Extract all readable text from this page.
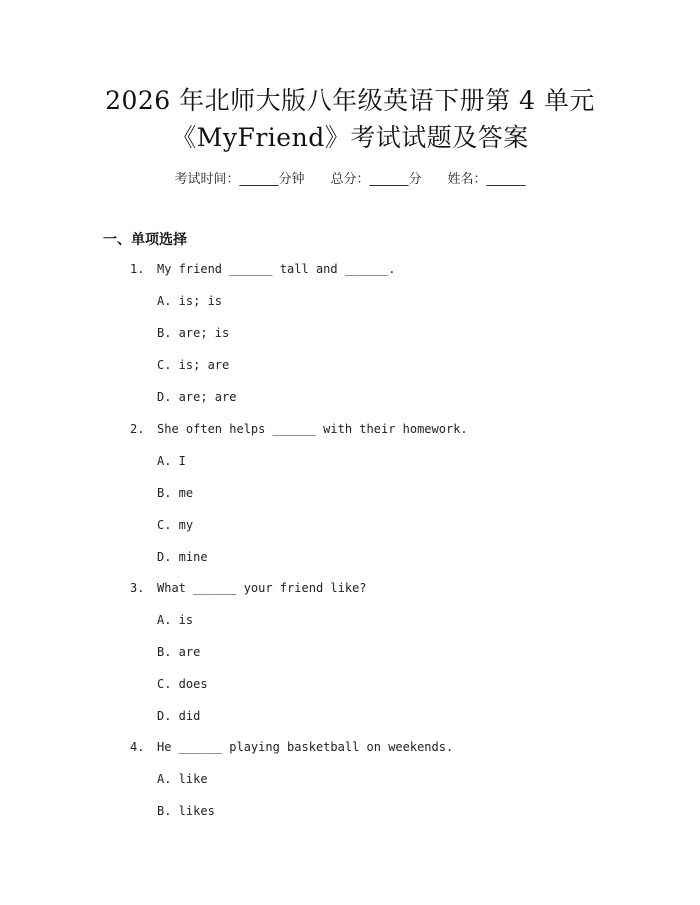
2026 年北师大版八年级英语下册第 4 单元
《MyFriend》考试试题及答案
考试时间：______分钟 总分：______分 姓名：______
一、单项选择
1. My friend ______ tall and ______.
A. is; is
B. are; is
C. is; are
D. are; are
2. She often helps ______ with their homework.
A. I
B. me
C. my
D. mine
3. What ______ your friend like?
A. is
B. are
C. does
D. did
4. He ______ playing basketball on weekends.
A. like
B. likes
